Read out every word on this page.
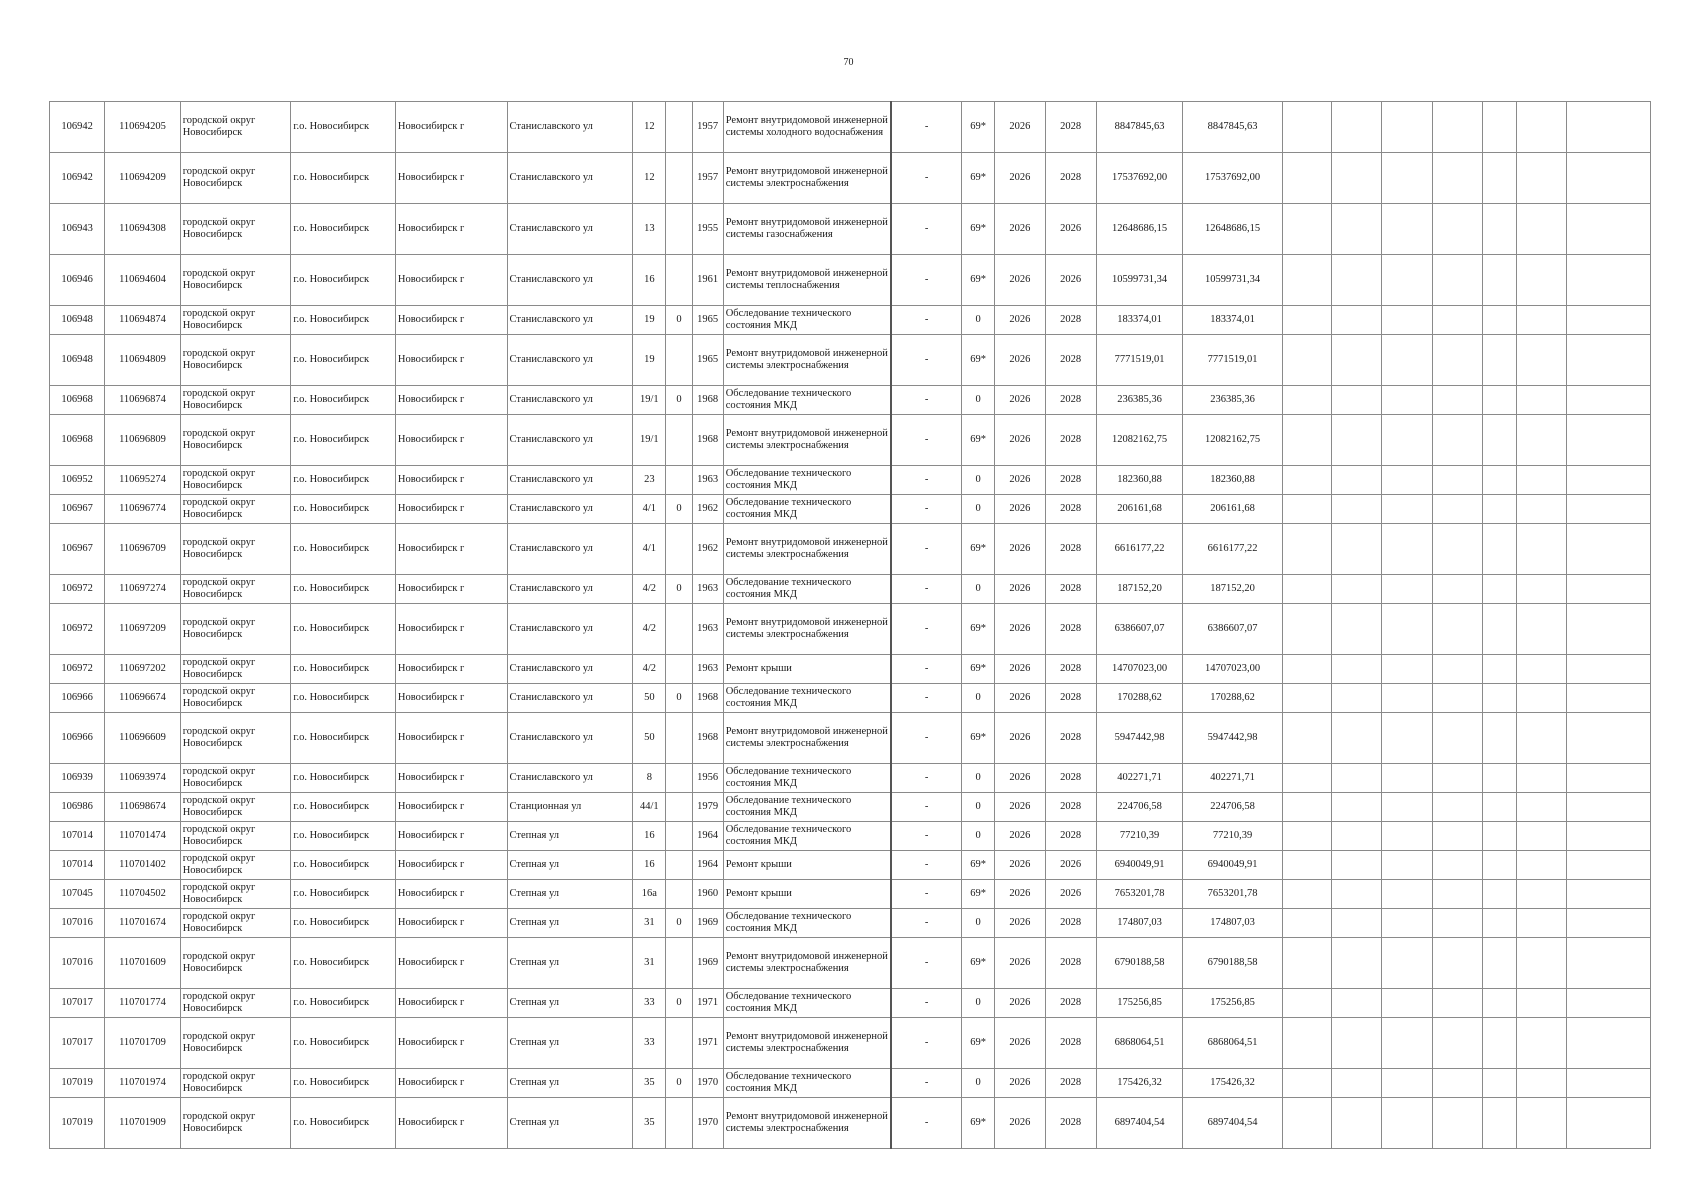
70
106942	110694205	городской округ Новосибирск	г.о. Новосибирск	Новосибирск г	Станиславского ул	12		1957	Ремонт внутридомовой инженерной системы холодного водоснабжения	-	69*	2026	2028	8847845,63	8847845,63							
106942	110694209	городской округ Новосибирск	г.о. Новосибирск	Новосибирск г	Станиславского ул	12		1957	Ремонт внутридомовой инженерной системы электроснабжения	-	69*	2026	2028	17537692,00	17537692,00							
106943	110694308	городской округ Новосибирск	г.о. Новосибирск	Новосибирск г	Станиславского ул	13		1955	Ремонт внутридомовой инженерной системы газоснабжения	-	69*	2026	2026	12648686,15	12648686,15							
106946	110694604	городской округ Новосибирск	г.о. Новосибирск	Новосибирск г	Станиславского ул	16		1961	Ремонт внутридомовой инженерной системы теплоснабжения	-	69*	2026	2026	10599731,34	10599731,34							
106948	110694874	городской округ Новосибирск	г.о. Новосибирск	Новосибирск г	Станиславского ул	19	0	1965	Обследование технического состояния МКД	-	0	2026	2028	183374,01	183374,01							
106948	110694809	городской округ Новосибирск	г.о. Новосибирск	Новосибирск г	Станиславского ул	19		1965	Ремонт внутридомовой инженерной системы электроснабжения	-	69*	2026	2028	7771519,01	7771519,01							
106968	110696874	городской округ Новосибирск	г.о. Новосибирск	Новосибирск г	Станиславского ул	19/1	0	1968	Обследование технического состояния МКД	-	0	2026	2028	236385,36	236385,36							
106968	110696809	городской округ Новосибирск	г.о. Новосибирск	Новосибирск г	Станиславского ул	19/1		1968	Ремонт внутридомовой инженерной системы электроснабжения	-	69*	2026	2028	12082162,75	12082162,75							
106952	110695274	городской округ Новосибирск	г.о. Новосибирск	Новосибирск г	Станиславского ул	23		1963	Обследование технического состояния МКД	-	0	2026	2028	182360,88	182360,88							
106967	110696774	городской округ Новосибирск	г.о. Новосибирск	Новосибирск г	Станиславского ул	4/1	0	1962	Обследование технического состояния МКД	-	0	2026	2028	206161,68	206161,68							
106967	110696709	городской округ Новосибирск	г.о. Новосибирск	Новосибирск г	Станиславского ул	4/1		1962	Ремонт внутридомовой инженерной системы электроснабжения	-	69*	2026	2028	6616177,22	6616177,22							
106972	110697274	городской округ Новосибирск	г.о. Новосибирск	Новосибирск г	Станиславского ул	4/2	0	1963	Обследование технического состояния МКД	-	0	2026	2028	187152,20	187152,20							
106972	110697209	городской округ Новосибирск	г.о. Новосибирск	Новосибирск г	Станиславского ул	4/2		1963	Ремонт внутридомовой инженерной системы электроснабжения	-	69*	2026	2028	6386607,07	6386607,07							
106972	110697202	городской округ Новосибирск	г.о. Новосибирск	Новосибирск г	Станиславского ул	4/2		1963	Ремонт крыши	-	69*	2026	2028	14707023,00	14707023,00							
106966	110696674	городской округ Новосибирск	г.о. Новосибирск	Новосибирск г	Станиславского ул	50	0	1968	Обследование технического состояния МКД	-	0	2026	2028	170288,62	170288,62							
106966	110696609	городской округ Новосибирск	г.о. Новосибирск	Новосибирск г	Станиславского ул	50		1968	Ремонт внутридомовой инженерной системы электроснабжения	-	69*	2026	2028	5947442,98	5947442,98							
106939	110693974	городской округ Новосибирск	г.о. Новосибирск	Новосибирск г	Станиславского ул	8		1956	Обследование технического состояния МКД	-	0	2026	2028	402271,71	402271,71							
106986	110698674	городской округ Новосибирск	г.о. Новосибирск	Новосибирск г	Станционная ул	44/1		1979	Обследование технического состояния МКД	-	0	2026	2028	224706,58	224706,58							
107014	110701474	городской округ Новосибирск	г.о. Новосибирск	Новосибирск г	Степная ул	16		1964	Обследование технического состояния МКД	-	0	2026	2028	77210,39	77210,39							
107014	110701402	городской округ Новосибирск	г.о. Новосибирск	Новосибирск г	Степная ул	16		1964	Ремонт крыши	-	69*	2026	2026	6940049,91	6940049,91							
107045	110704502	городской округ Новосибирск	г.о. Новосибирск	Новосибирск г	Степная ул	16а		1960	Ремонт крыши	-	69*	2026	2026	7653201,78	7653201,78							
107016	110701674	городской округ Новосибирск	г.о. Новосибирск	Новосибирск г	Степная ул	31	0	1969	Обследование технического состояния МКД	-	0	2026	2028	174807,03	174807,03							
107016	110701609	городской округ Новосибирск	г.о. Новосибирск	Новосибирск г	Степная ул	31		1969	Ремонт внутридомовой инженерной системы электроснабжения	-	69*	2026	2028	6790188,58	6790188,58							
107017	110701774	городской округ Новосибирск	г.о. Новосибирск	Новосибирск г	Степная ул	33	0	1971	Обследование технического состояния МКД	-	0	2026	2028	175256,85	175256,85							
107017	110701709	городской округ Новосибирск	г.о. Новосибирск	Новосибирск г	Степная ул	33		1971	Ремонт внутридомовой инженерной системы электроснабжения	-	69*	2026	2028	6868064,51	6868064,51							
107019	110701974	городской округ Новосибирск	г.о. Новосибирск	Новосибирск г	Степная ул	35	0	1970	Обследование технического состояния МКД	-	0	2026	2028	175426,32	175426,32							
107019	110701909	городской округ Новосибирск	г.о. Новосибирск	Новосибирск г	Степная ул	35		1970	Ремонт внутридомовой инженерной системы электроснабжения	-	69*	2026	2028	6897404,54	6897404,54							
